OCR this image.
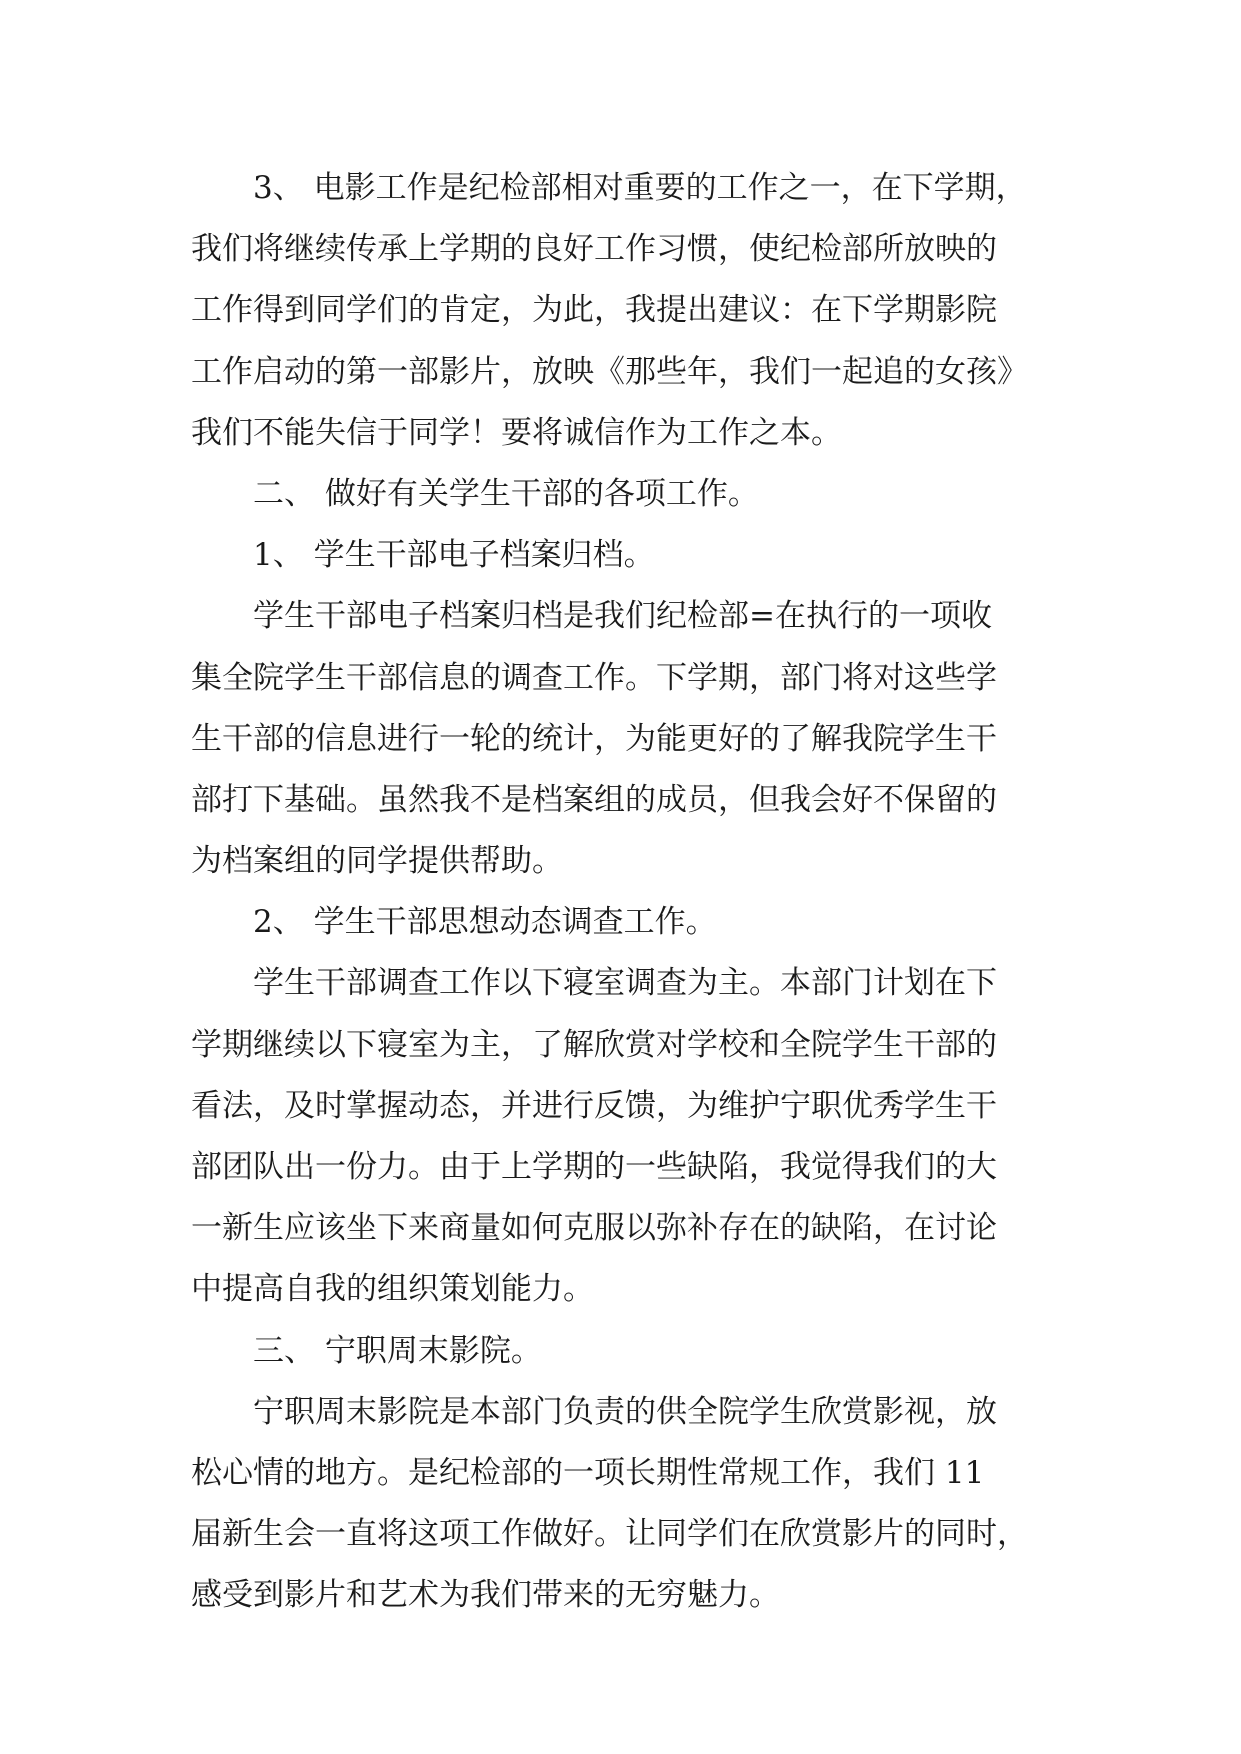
3、 电影工作是纪检部相对重要的工作之一，在下学期，
我们将继续传承上学期的良好工作习惯，使纪检部所放映的
工作得到同学们的肯定，为此，我提出建议：在下学期影院
工作启动的第一部影片，放映《那些年，我们一起追的女孩》
我们不能失信于同学！要将诚信作为工作之本。
二、 做好有关学生干部的各项工作。
1、 学生干部电子档案归档。
学生干部电子档案归档是我们纪检部=在执行的一项收
集全院学生干部信息的调查工作。下学期，部门将对这些学
生干部的信息进行一轮的统计，为能更好的了解我院学生干
部打下基础。虽然我不是档案组的成员，但我会好不保留的
为档案组的同学提供帮助。
2、 学生干部思想动态调查工作。
学生干部调查工作以下寝室调查为主。本部门计划在下
学期继续以下寝室为主，了解欣赏对学校和全院学生干部的
看法，及时掌握动态，并进行反馈，为维护宁职优秀学生干
部团队出一份力。由于上学期的一些缺陷，我觉得我们的大
一新生应该坐下来商量如何克服以弥补存在的缺陷，在讨论
中提高自我的组织策划能力。
三、 宁职周末影院。
宁职周末影院是本部门负责的供全院学生欣赏影视，放
松心情的地方。是纪检部的一项长期性常规工作，我们 11
届新生会一直将这项工作做好。让同学们在欣赏影片的同时，
感受到影片和艺术为我们带来的无穷魅力。
